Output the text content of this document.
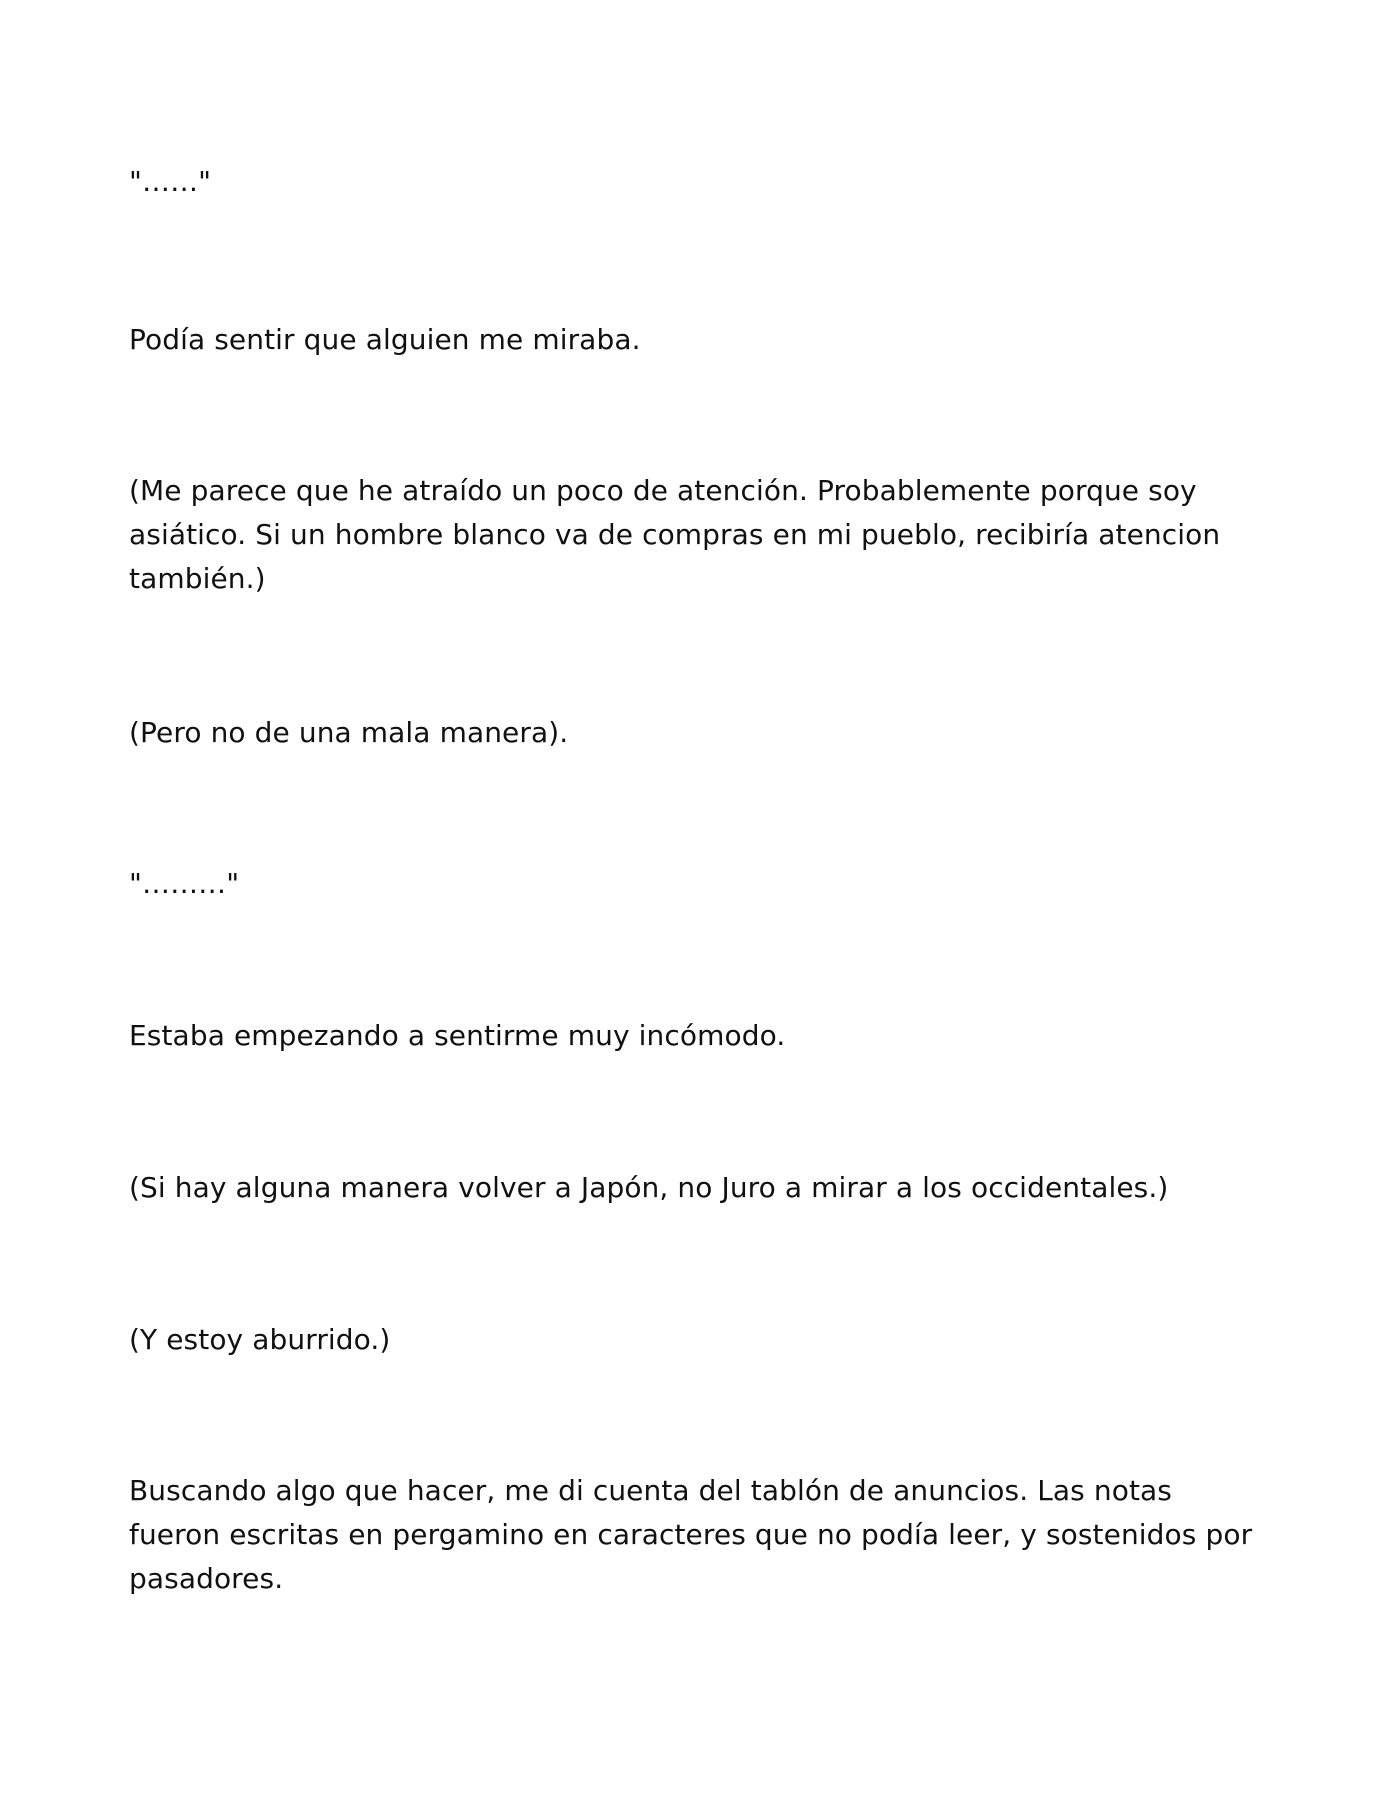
"……"

Podía sentir que alguien me miraba.

(Me parece que he atraído un poco de atención. Probablemente porque soy asiático. Si un hombre blanco va de compras en mi pueblo, recibiría atencion también.)

(Pero no de una mala manera).

"………"

Estaba empezando a sentirme muy incómodo.

(Si hay alguna manera volver a Japón, no Juro a mirar a los occidentales.)

(Y estoy aburrido.)

Buscando algo que hacer, me di cuenta del tablón de anuncios. Las notas fueron escritas en pergamino en caracteres que no podía leer, y sostenidos por pasadores.
